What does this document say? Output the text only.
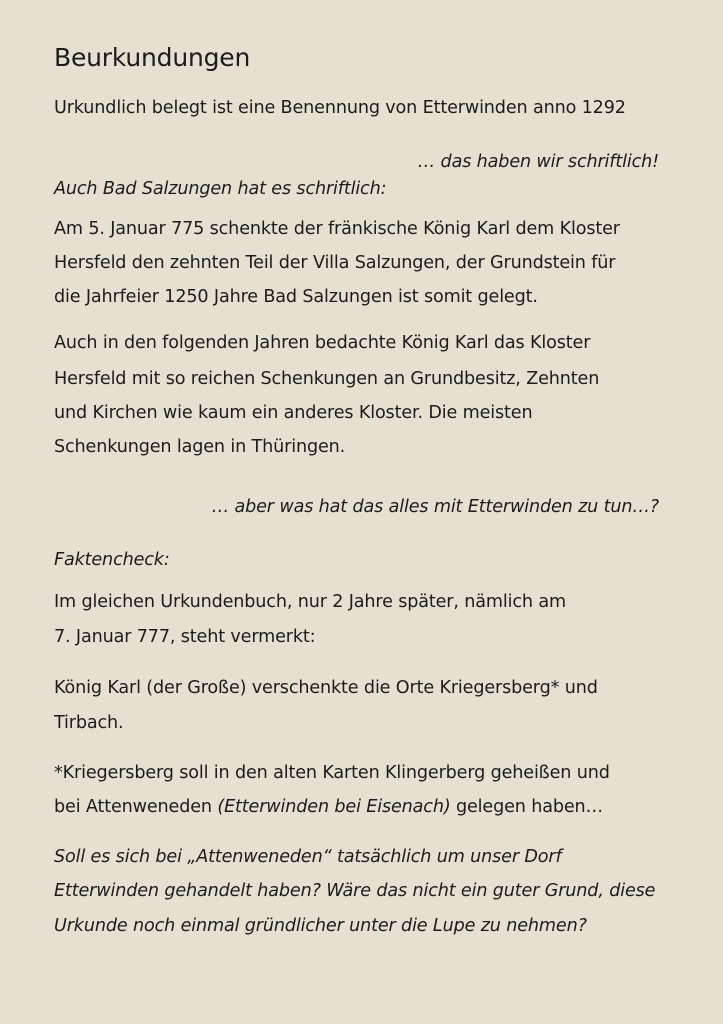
Beurkundungen

Urkundlich belegt ist eine Benennung von Etterwinden anno 1292

… das haben wir schriftlich!

Auch Bad Salzungen hat es schriftlich:

Am 5. Januar 775 schenkte der fränkische König Karl dem Kloster

Hersfeld den zehnten Teil der Villa Salzungen, der Grundstein für

die Jahrfeier 1250 Jahre Bad Salzungen ist somit gelegt.

Auch in den folgenden Jahren bedachte König Karl das Kloster

Hersfeld mit so reichen Schenkungen an Grundbesitz, Zehnten

und Kirchen wie kaum ein anderes Kloster. Die meisten

Schenkungen lagen in Thüringen.

… aber was hat das alles mit Etterwinden zu tun…?

Faktencheck:

Im gleichen Urkundenbuch, nur 2 Jahre später, nämlich am

7. Januar 777, steht vermerkt:

König Karl (der Große) verschenkte die Orte Kriegersberg* und

Tirbach.

*Kriegersberg soll in den alten Karten Klingerberg geheißen und

bei Attenweneden (Etterwinden bei Eisenach) gelegen haben…

Soll es sich bei „Attenweneden“ tatsächlich um unser Dorf

Etterwinden gehandelt haben? Wäre das nicht ein guter Grund, diese

Urkunde noch einmal gründlicher unter die Lupe zu nehmen?
